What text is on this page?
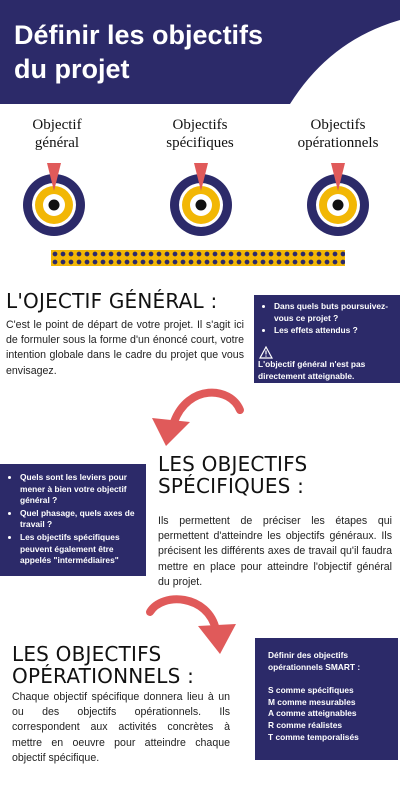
Définir les objectifs
du projet
Objectif
général
Objectifs
spécifiques
Objectifs
opérationnels
L'OJECTIF GÉNÉRAL :
C'est le point de départ de votre projet. Il s'agit ici de formuler sous la forme d'un énoncé court, votre intention globale dans le cadre du projet que vous envisagez.
• Dans quels buts poursuivez-vous ce projet ?
• Les effets attendus ?
L'objectif général n'est pas directement atteignable.
• Quels sont les leviers pour mener à bien votre objectif général ?
• Quel phasage, quels axes de travail ?
• Les objectifs spécifiques peuvent également être appelés "intermédiaires"
LES OBJECTIFS
SPÉCIFIQUES :
Ils permettent de préciser les étapes qui permettent d'atteindre les objectifs généraux. Ils précisent les différents axes de travail qu'il faudra mettre en place pour atteindre l'objectif général du projet.
LES OBJECTIFS
OPÉRATIONNELS :
Chaque objectif spécifique donnera lieu à un ou des objectifs opérationnels. Ils correspondent aux activités concrètes à mettre en oeuvre pour atteindre chaque objectif spécifique.
Définir des objectifs
opérationnels SMART :
S comme spécifiques
M comme mesurables
A comme atteignables
R comme réalistes
T comme temporalisés
